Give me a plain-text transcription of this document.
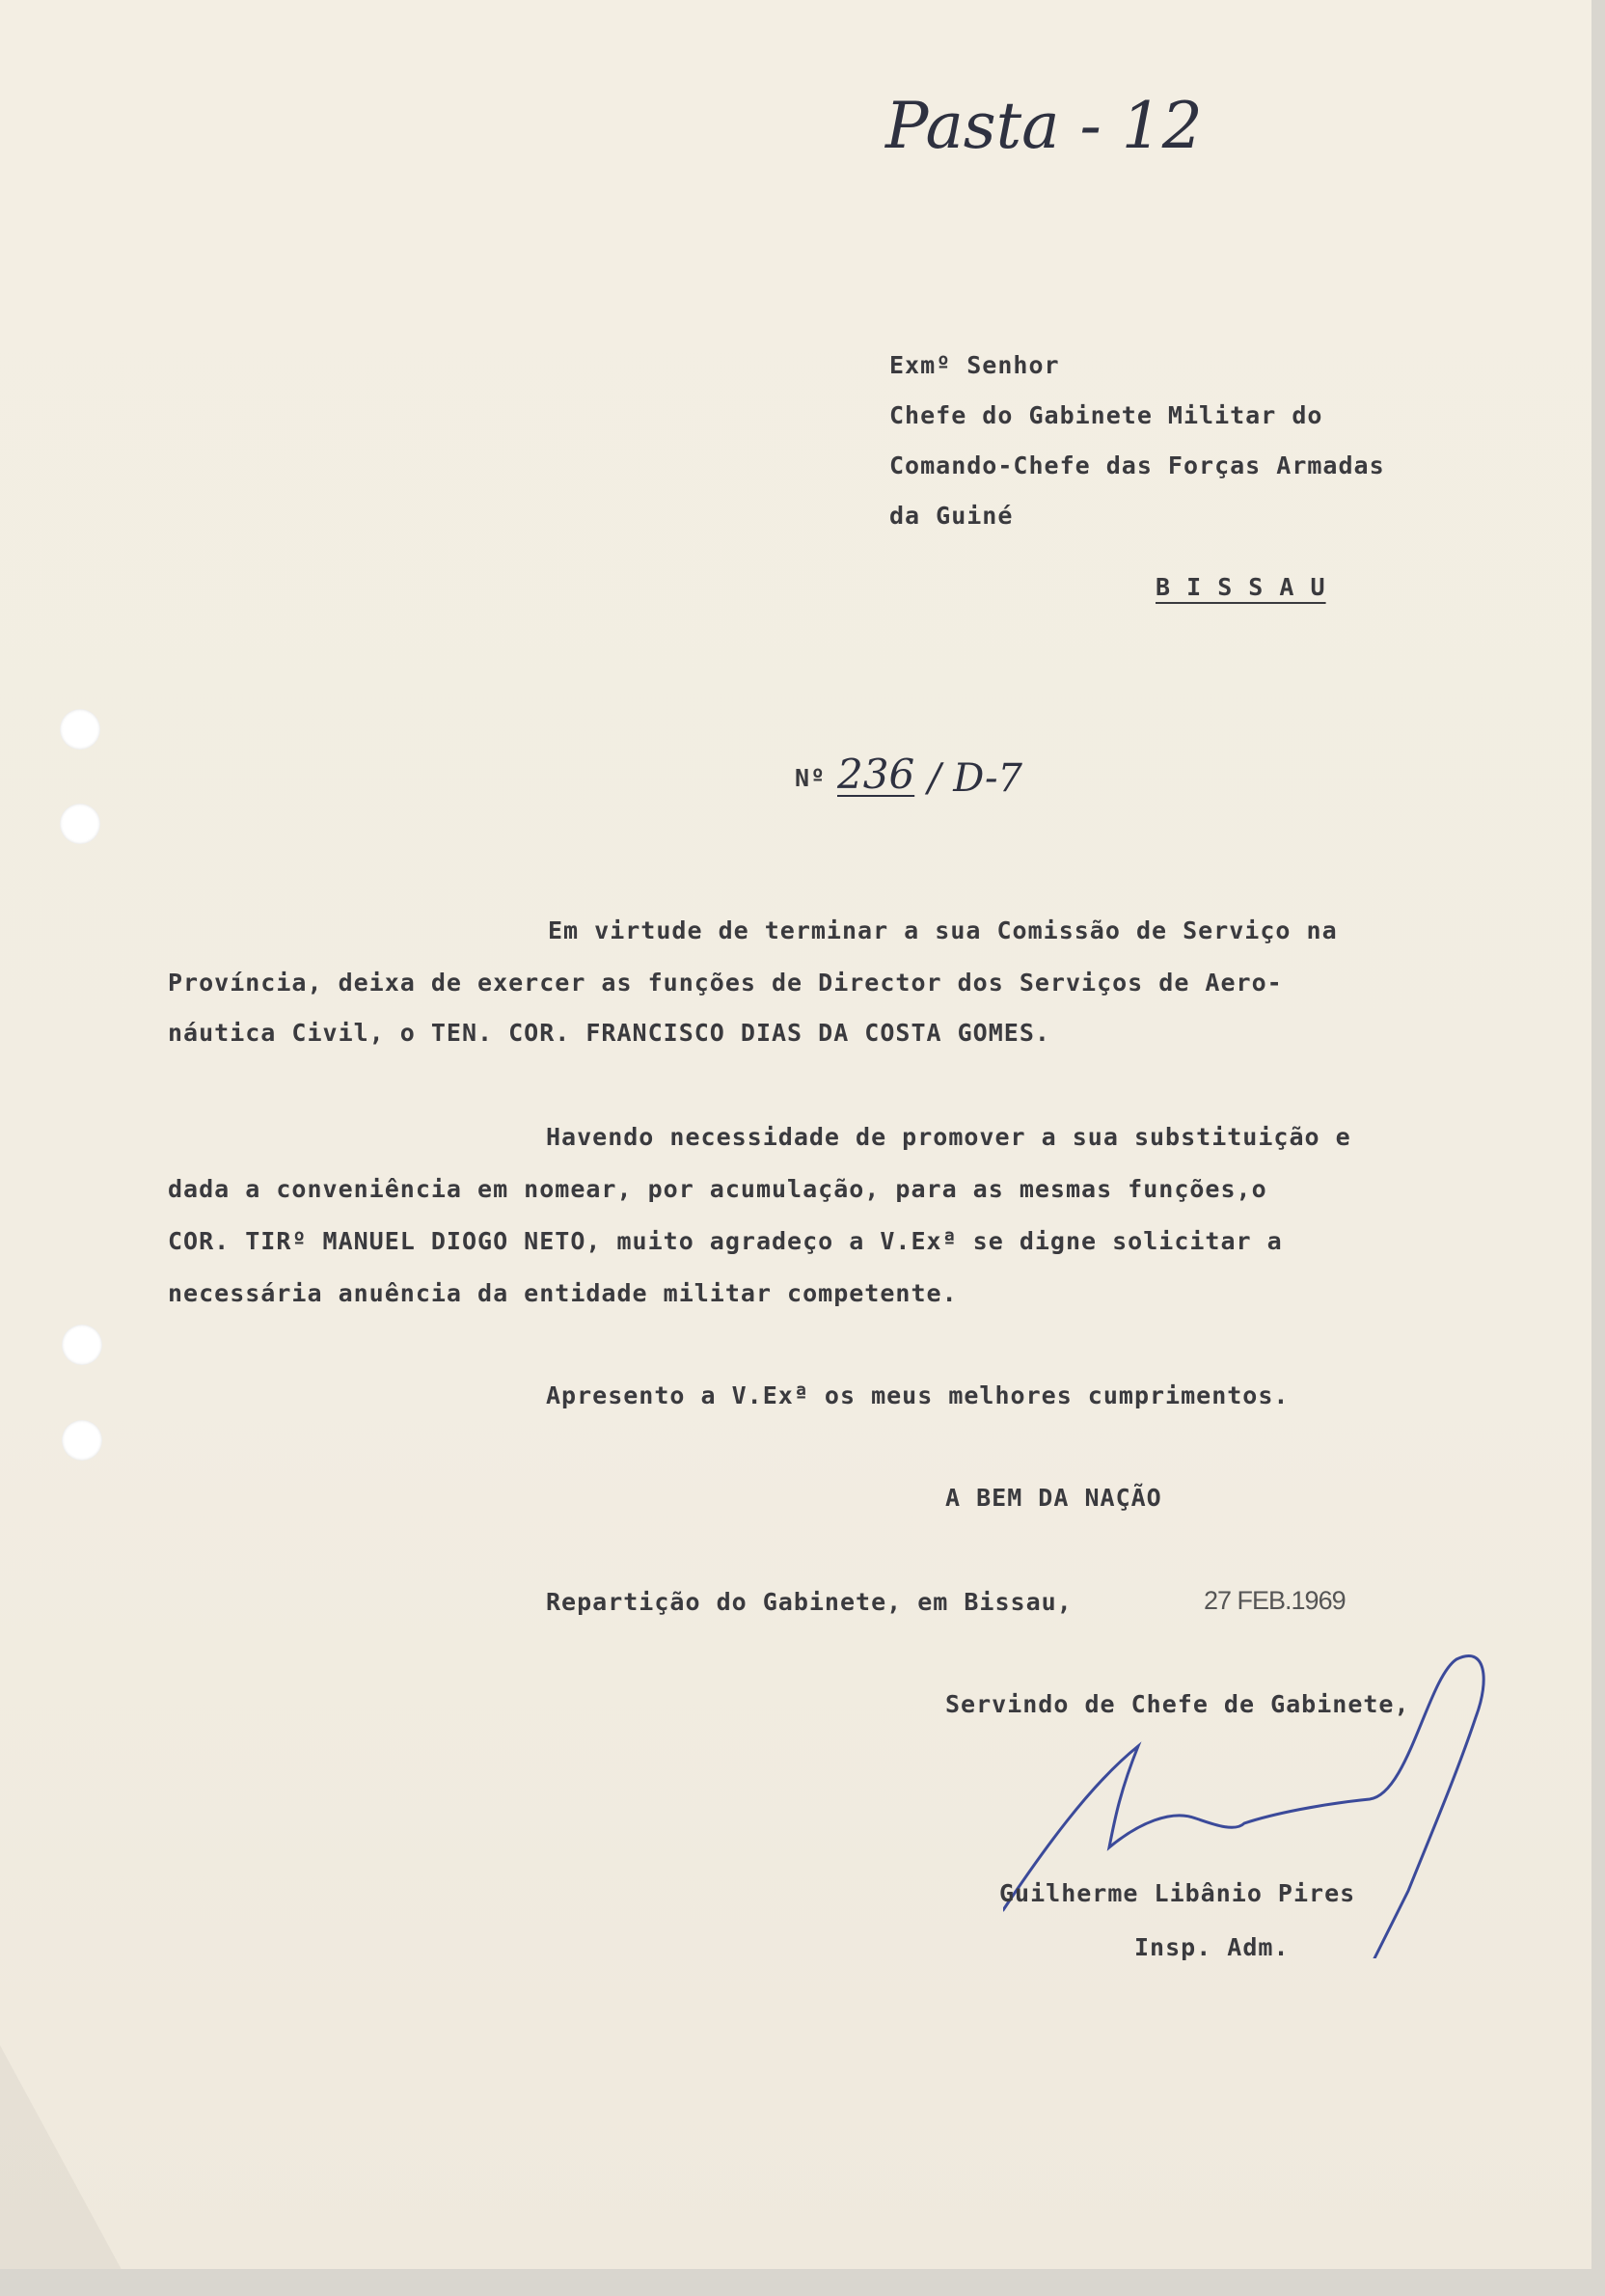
Pasta - 12
Exmº Senhor
Chefe do Gabinete Militar do
Comando-Chefe das Forças Armadas
da Guiné
B I S S A U
Nº 236 / D-7
Em virtude de terminar a sua Comissão de Serviço na
Província, deixa de exercer as funções de Director dos Serviços de Aero-
náutica Civil, o TEN. COR. FRANCISCO DIAS DA COSTA GOMES.
Havendo necessidade de promover a sua substituição e
dada a conveniência em nomear, por acumulação, para as mesmas funções,o
COR. TIRº MANUEL DIOGO NETO, muito agradeço a V.Exª se digne solicitar a
necessária anuência da entidade militar competente.
Apresento a V.Exª os meus melhores cumprimentos.
A BEM DA NAÇÃO
Repartição do Gabinete, em Bissau,	27 FEB.1969
Servindo de Chefe de Gabinete,
Guilherme Libânio Pires
Insp. Adm.
